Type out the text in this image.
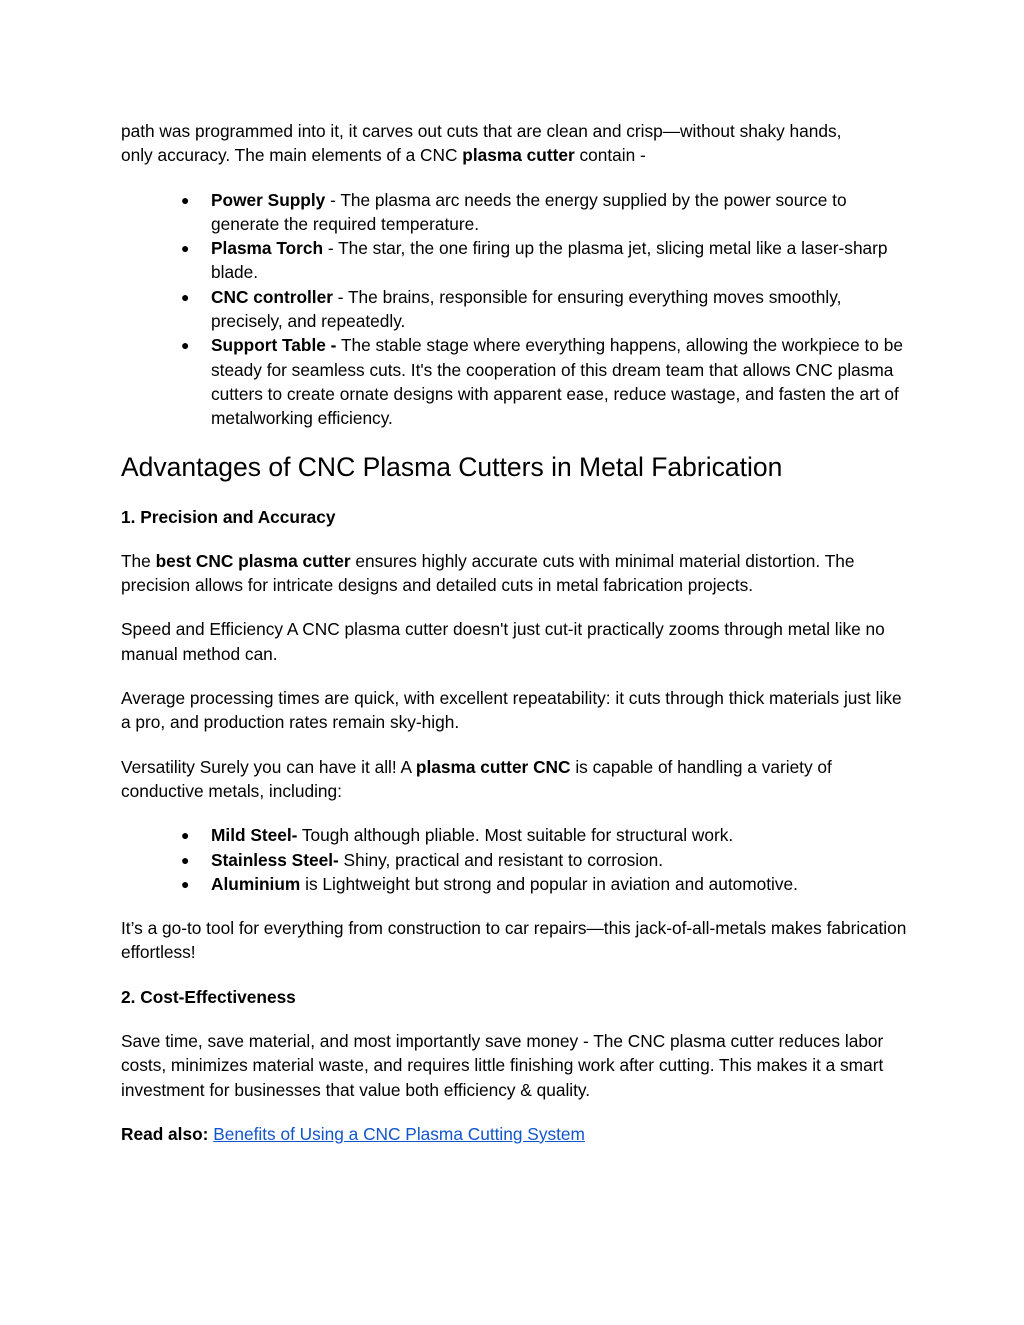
path was programmed into it, it carves out cuts that are clean and crisp—without shaky hands,
only accuracy. The main elements of a CNC plasma cutter contain -

● Power Supply - The plasma arc needs the energy supplied by the power source to generate the required temperature.
● Plasma Torch - The star, the one firing up the plasma jet, slicing metal like a laser-sharp blade.
● CNC controller - The brains, responsible for ensuring everything moves smoothly, precisely, and repeatedly.
● Support Table - The stable stage where everything happens, allowing the workpiece to be steady for seamless cuts. It's the cooperation of this dream team that allows CNC plasma cutters to create ornate designs with apparent ease, reduce wastage, and fasten the art of metalworking efficiency.
Advantages of CNC Plasma Cutters in Metal Fabrication
1. Precision and Accuracy

The best CNC plasma cutter ensures highly accurate cuts with minimal material distortion. The precision allows for intricate designs and detailed cuts in metal fabrication projects.

Speed and Efficiency A CNC plasma cutter doesn't just cut-it practically zooms through metal like no manual method can.

Average processing times are quick, with excellent repeatability: it cuts through thick materials just like a pro, and production rates remain sky-high.

Versatility Surely you can have it all! A plasma cutter CNC is capable of handling a variety of conductive metals, including:

● Mild Steel- Tough although pliable. Most suitable for structural work.
● Stainless Steel- Shiny, practical and resistant to corrosion.
● Aluminium is Lightweight but strong and popular in aviation and automotive.

It’s a go-to tool for everything from construction to car repairs—this jack-of-all-metals makes fabrication effortless!

2. Cost-Effectiveness

Save time, save material, and most importantly save money - The CNC plasma cutter reduces labor costs, minimizes material waste, and requires little finishing work after cutting. This makes it a smart investment for businesses that value both efficiency & quality.

Read also: Benefits of Using a CNC Plasma Cutting System
